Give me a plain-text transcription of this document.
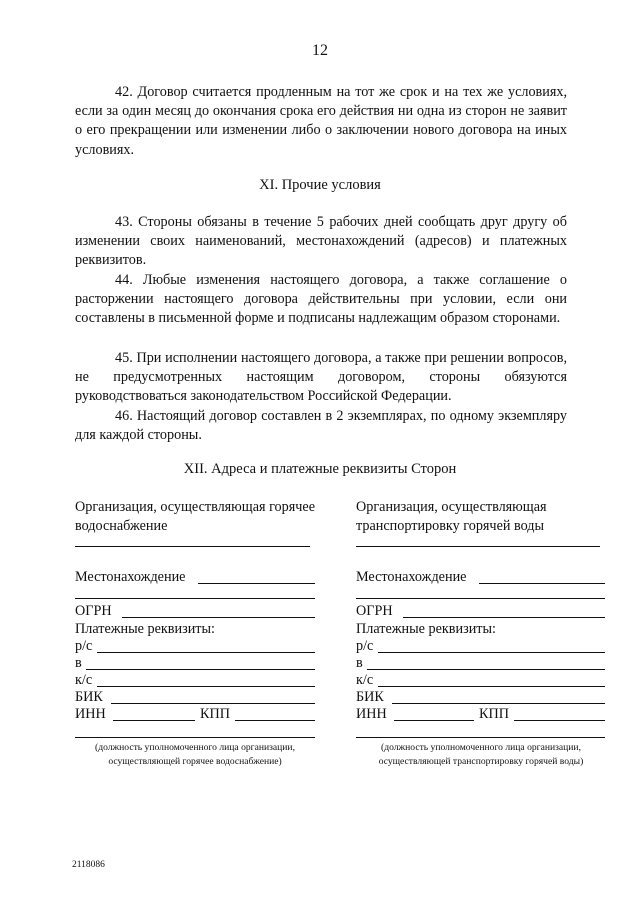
12
42. Договор считается продленным на тот же срок и на тех же условиях, если за один месяц до окончания срока его действия ни одна из сторон не заявит о его прекращении или изменении либо о заключении нового договора на иных условиях.
XI. Прочие условия
43. Стороны обязаны в течение 5 рабочих дней сообщать друг другу об изменении своих наименований, местонахождений (адресов) и платежных реквизитов.
44. Любые изменения настоящего договора, а также соглашение о расторжении настоящего договора действительны при условии, если они составлены в письменной форме и подписаны надлежащим образом сторонами.
45. При исполнении настоящего договора, а также при решении вопросов, не предусмотренных настоящим договором, стороны обязуются руководствоваться законодательством Российской Федерации.
46. Настоящий договор составлен в 2 экземплярах, по одному экземпляру для каждой стороны.
XII. Адреса и платежные реквизиты Сторон
Организация, осуществляющая горячее водоснабжение
Местонахождение
ОГРН
Платежные реквизиты:
р/с
в
к/с
БИК
ИНН	КПП
(должность уполномоченного лица организации, осуществляющей горячее водоснабжение)
Организация, осуществляющая транспортировку горячей воды
Местонахождение
ОГРН
Платежные реквизиты:
р/с
в
к/с
БИК
ИНН	КПП
(должность уполномоченного лица организации, осуществляющей транспортировку горячей воды)
2118086
